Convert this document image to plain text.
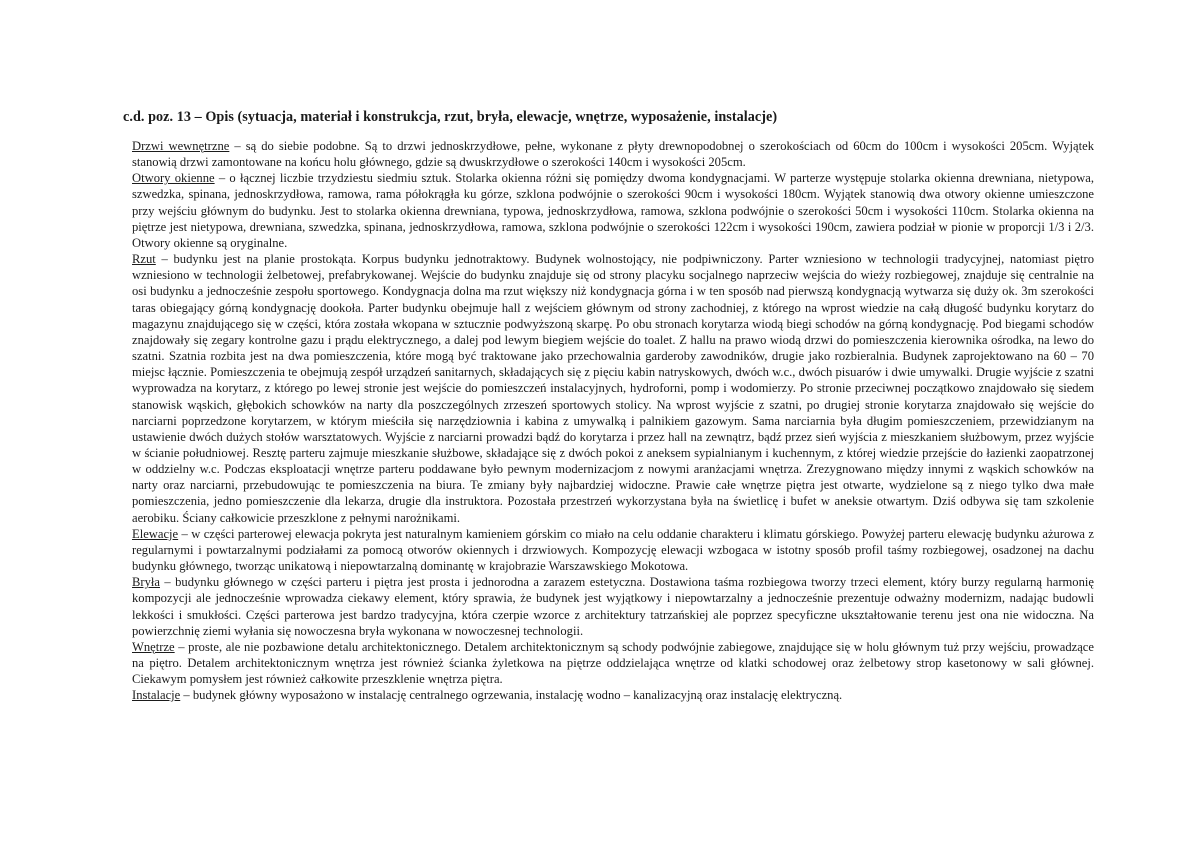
c.d. poz. 13 – Opis (sytuacja, materiał i konstrukcja, rzut, bryła, elewacje, wnętrze, wyposażenie, instalacje)

Drzwi wewnętrzne – są do siebie podobne. Są to drzwi jednoskrzydłowe, pełne, wykonane z płyty drewnopodobnej o szerokościach od 60cm do 100cm i wysokości 205cm. Wyjątek stanowią drzwi zamontowane na końcu holu głównego, gdzie są dwuskrzydłowe o szerokości 140cm i wysokości 205cm.

Otwory okienne – o łącznej liczbie trzydziestu siedmiu sztuk. Stolarka okienna różni się pomiędzy dwoma kondygnacjami. W parterze występuje stolarka okienna drewniana, nietypowa, szwedzka, spinana, jednoskrzydłowa, ramowa, rama półokrągła ku górze, szklona podwójnie o szerokości 90cm i wysokości 180cm. Wyjątek stanowią dwa otwory okienne umieszczone przy wejściu głównym do budynku. Jest to stolarka okienna drewniana, typowa, jednoskrzydłowa, ramowa, szklona podwójnie o szerokości 50cm i wysokości 110cm. Stolarka okienna na piętrze jest nietypowa, drewniana, szwedzka, spinana, jednoskrzydłowa, ramowa, szklona podwójnie o szerokości 122cm i wysokości 190cm, zawiera podział w pionie w proporcji 1/3 i 2/3. Otwory okienne są oryginalne.

Rzut – budynku jest na planie prostokąta. Korpus budynku jednotraktowy. Budynek wolnostojący, nie podpiwniczony. Parter wzniesiono w technologii tradycyjnej, natomiast piętro wzniesiono w technologii żelbetowej, prefabrykowanej. Wejście do budynku znajduje się od strony placyku socjalnego naprzeciw wejścia do wieży rozbiegowej, znajduje się centralnie na osi budynku a jednocześnie zespołu sportowego. Kondygnacja dolna ma rzut większy niż kondygnacja górna i w ten sposób nad pierwszą kondygnacją wytwarza się duży ok. 3m szerokości taras obiegający górną kondygnację dookoła. Parter budynku obejmuje hall z wejściem głównym od strony zachodniej, z którego na wprost wiedzie na całą długość budynku korytarz do magazynu znajdującego się w części, która została wkopana w sztucznie podwyższoną skarpę. Po obu stronach korytarza wiodą biegi schodów na górną kondygnację. Pod biegami schodów znajdowały się zegary kontrolne gazu i prądu elektrycznego, a dalej pod lewym biegiem wejście do toalet. Z hallu na prawo wiodą drzwi do pomieszczenia kierownika ośrodka, na lewo do szatni. Szatnia rozbita jest na dwa pomieszczenia, które mogą być traktowane jako przechowalnia garderoby zawodników, drugie jako rozbieralnia. Budynek zaprojektowano na 60 – 70 miejsc łącznie. Pomieszczenia te obejmują zespół urządzeń sanitarnych, składających się z pięciu kabin natryskowych, dwóch w.c., dwóch pisuarów i dwie umywalki. Drugie wyjście z szatni wyprowadza na korytarz, z którego po lewej stronie jest wejście do pomieszczeń instalacyjnych, hydroforni, pomp i wodomierzy. Po stronie przeciwnej początkowo znajdowało się siedem stanowisk wąskich, głębokich schowków na narty dla poszczególnych zrzeszeń sportowych stolicy. Na wprost wyjście z szatni, po drugiej stronie korytarza znajdowało się wejście do narciarni poprzedzone korytarzem, w którym mieściła się narzędziownia i kabina z umywalką i palnikiem gazowym. Sama narciarnia była długim pomieszczeniem, przewidzianym na ustawienie dwóch dużych stołów warsztatowych. Wyjście z narciarni prowadzi bądź do korytarza i przez hall na zewnątrz, bądź przez sień wyjścia z mieszkaniem służbowym, przez wyjście w ścianie południowej. Resztę parteru zajmuje mieszkanie służbowe, składające się z dwóch pokoi z aneksem sypialnianym i kuchennym, z której wiedzie przejście do łazienki zaopatrzonej w oddzielny w.c. Podczas eksploatacji wnętrze parteru poddawane było pewnym modernizacjom z nowymi aranżacjami wnętrza. Zrezygnowano między innymi z wąskich schowków na narty oraz narciarni, przebudowując te pomieszczenia na biura. Te zmiany były najbardziej widoczne. Prawie całe wnętrze piętra jest otwarte, wydzielone są z niego tylko dwa małe pomieszczenia, jedno pomieszczenie dla lekarza, drugie dla instruktora. Pozostała przestrzeń wykorzystana była na świetlicę i bufet w aneksie otwartym. Dziś odbywa się tam szkolenie aerobiku. Ściany całkowicie przeszklone z pełnymi narożnikami.

Elewacje – w części parterowej elewacja pokryta jest naturalnym kamieniem górskim co miało na celu oddanie charakteru i klimatu górskiego. Powyżej parteru elewację budynku ażurowa z regularnymi i powtarzalnymi podziałami za pomocą otworów okiennych i drzwiowych. Kompozycję elewacji wzbogaca w istotny sposób profil taśmy rozbiegowej, osadzonej na dachu budynku głównego, tworząc unikatową i niepowtarzalną dominantę w krajobrazie Warszawskiego Mokotowa.

Bryła – budynku głównego w części parteru i piętra jest prosta i jednorodna a zarazem estetyczna. Dostawiona taśma rozbiegowa tworzy trzeci element, który burzy regularną harmonię kompozycji ale jednocześnie wprowadza ciekawy element, który sprawia, że budynek jest wyjątkowy i niepowtarzalny a jednocześnie prezentuje odważny modernizm, nadając budowli lekkości i smukłości. Części parterowa jest bardzo tradycyjna, która czerpie wzorce z architektury tatrzańskiej ale poprzez specyficzne ukształtowanie terenu jest ona nie widoczna. Na powierzchnię ziemi wyłania się nowoczesna bryła wykonana w nowoczesnej technologii.

Wnętrze – proste, ale nie pozbawione detalu architektonicznego. Detalem architektonicznym są schody podwójnie zabiegowe, znajdujące się w holu głównym tuż przy wejściu, prowadzące na piętro. Detalem architektonicznym wnętrza jest również ścianka żyletkowa na piętrze oddzielająca wnętrze od klatki schodowej oraz żelbetowy strop kasetonowy w sali głównej. Ciekawym pomysłem jest również całkowite przeszklenie wnętrza piętra.

Instalacje – budynek główny wyposażono w instalację centralnego ogrzewania, instalację wodno – kanalizacyjną oraz instalację elektryczną.
